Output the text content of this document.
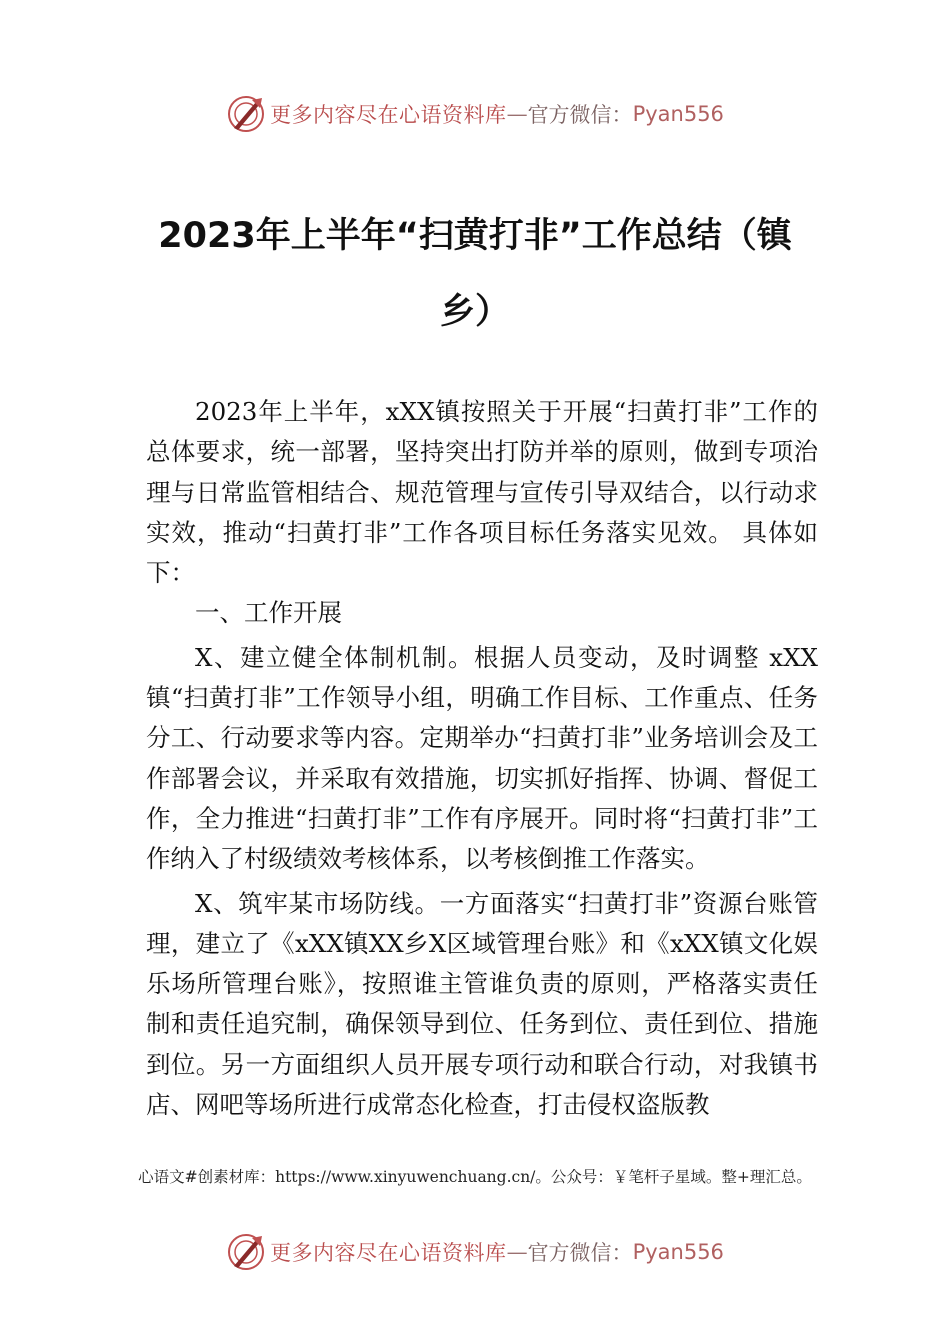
更多内容尽在心语资料库 — 官方微信： Pyan556
2023年上半年“扫黄打非”工作总结（镇乡）

2023年上半年，xXX镇按照关于开展“扫黄打非”工作的总体要求，统一部署，坚持突出打防并举的原则，做到专项治理与日常监管相结合、规范管理与宣传引导双结合，以行动求实效，推动“扫黄打非”工作各项目标任务落实见效。 具体如下：

一、工作开展

X、建立健全体制机制。根据人员变动，及时调整 xXX镇“扫黄打非”工作领导小组，明确工作目标、工作重点、任务分工、行动要求等内容。定期举办“扫黄打非”业务培训会及工作部署会议，并采取有效措施，切实抓好指挥、协调、督促工作，全力推进“扫黄打非”工作有序展开。同时将“扫黄打非”工作纳入了村级绩效考核体系，以考核倒推工作落实。

X、筑牢某市场防线。一方面落实“扫黄打非”资源台账管理，建立了《xXX镇XX乡X区域管理台账》和《xXX镇文化娱乐场所管理台账》，按照谁主管谁负责的原则，严格落实责任制和责任追究制，确保领导到位、任务到位、责任到位、措施到位。另一方面组织人员开展专项行动和联合行动，对我镇书店、网吧等场所进行成常态化检查，打击侵权盗版教

心语文#创素材库：https://www.xinyuwenchuang.cn/。公众号：￥笔杆子星域。整+理汇总。
更多内容尽在心语资料库 — 官方微信： Pyan556
